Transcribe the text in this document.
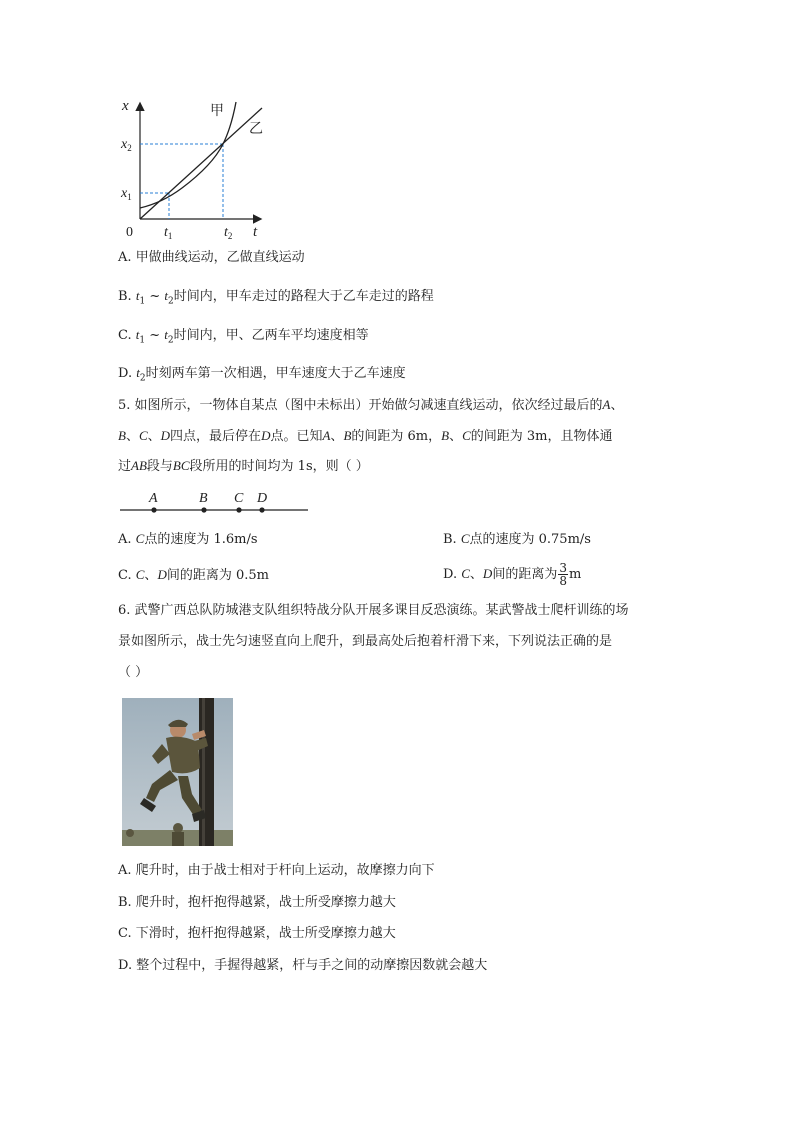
x
t
0
$x_2$
$x_1$
$t_1$	$t_2$
甲
乙
A. 甲做曲线运动，乙做直线运动
B. $t_1$ ~ $t_2$时间内，甲车走过的路程大于乙车走过的路程
C. $t_1$ ~ $t_2$时间内，甲、乙两车平均速度相等
D. $t_2$时刻两车第一次相遇，甲车速度大于乙车速度
5. 如图所示，一物体自某点（图中未标出）开始做匀减速直线运动，依次经过最后的A、
B、C、D四点，最后停在D点。已知A、B的间距为 6m，B、C的间距为 3m，且物体通
过AB段与BC段所用的时间均为 1s，则（ ）
A	B C D
A. C点的速度为 1.6m/s	B. C点的速度为 0.75m/s
C. C、D间的距离为 0.5m	D. C、D间的距离为 $\frac{3}{8}$ m
6. 武警广西总队防城港支队组织特战分队开展多课目反恐演练。某武警战士爬杆训练的场
景如图所示，战士先匀速竖直向上爬升，到最高处后抱着杆滑下来，下列说法正确的是
（ ）
A. 爬升时，由于战士相对于杆向上运动，故摩擦力向下
B. 爬升时，抱杆抱得越紧，战士所受摩擦力越大
C. 下滑时，抱杆抱得越紧，战士所受摩擦力越大
D. 整个过程中，手握得越紧，杆与手之间的动摩擦因数就会越大
